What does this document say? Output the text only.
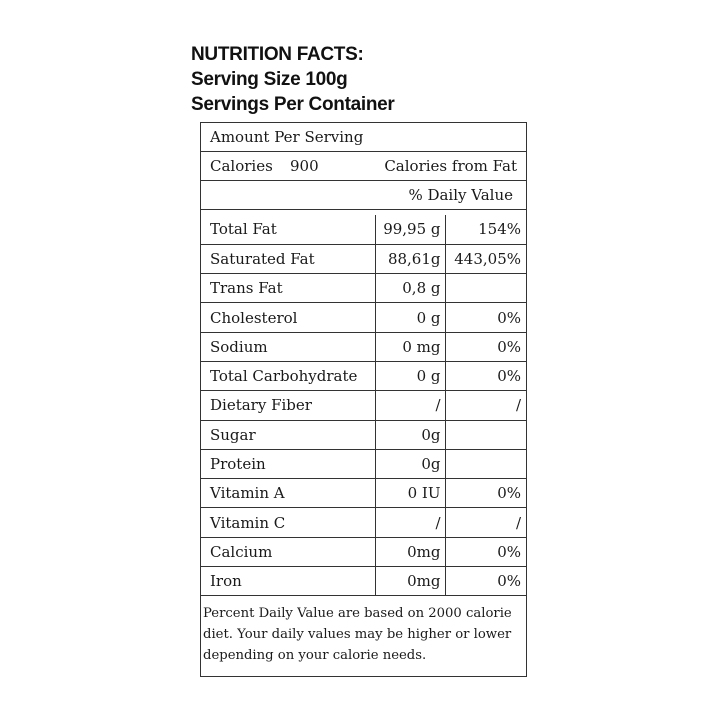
NUTRITION FACTS:
Serving Size 100g
Servings Per Container
Amount Per Serving
Calories 900	Calories from Fat
% Daily Value
Total Fat	99,95 g	154%
Saturated Fat	88,61g	443,05%
Trans Fat	0,8 g	
Cholesterol	0 g	0%
Sodium	0 mg	0%
Total Carbohydrate	0 g	0%
Dietary Fiber	/	/
Sugar	0g	
Protein	0g	
Vitamin A	0 IU	0%
Vitamin C	/	/
Calcium	0mg	0%
Iron	0mg	0%
Percent Daily Value are based on 2000 calorie diet. Your daily values may be higher or lower depending on your calorie needs.
